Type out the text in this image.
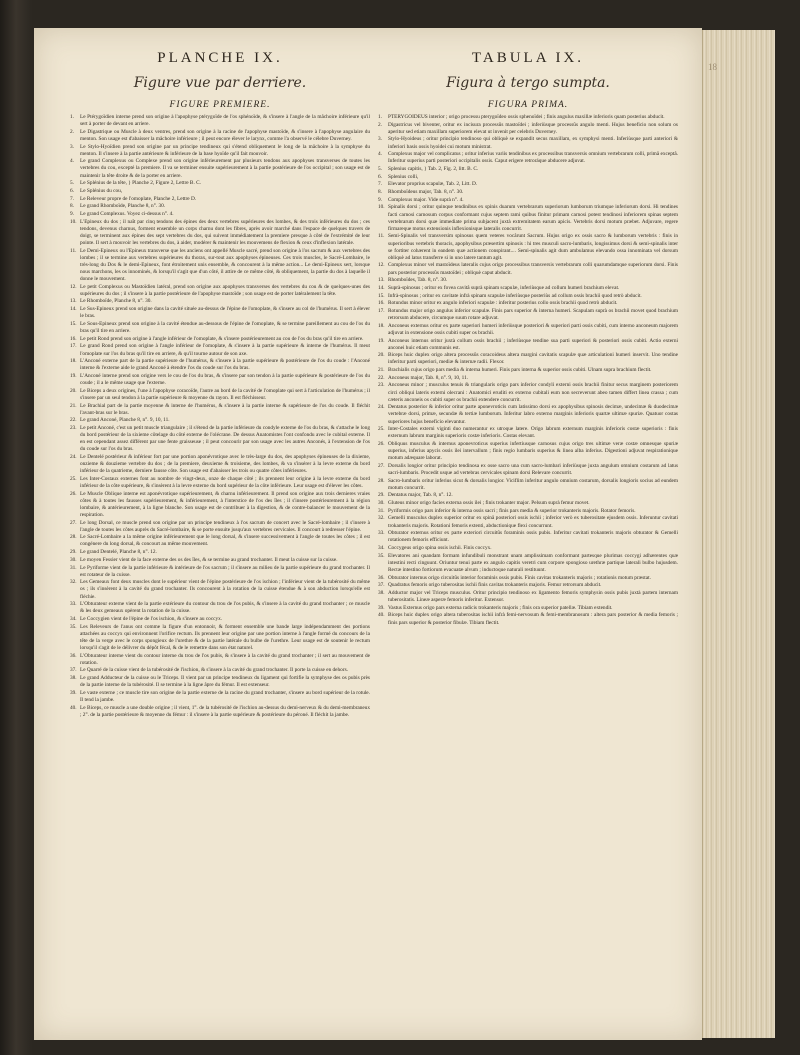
18
PLANCHE IX.
Figure vue par derriere.
FIGURE PREMIERE.
1. Le Ptérygoïdien interne prend son origine à l'apophyse ptérygoïde de l'os sphénoïde, & s'insere à l'angle de la mâchoire inférieure qu'il sert à porter de devant en arriere.
2. Le Digastrique ou Muscle à deux ventres, prend son origine à la racine de l'apophyse mastoïde, & s'insere à l'apophyse angulaire du menton. Son usage est d'abaisser la mâchoire inférieure ; il peut encore élever le larynx, comme l'a observé le célebre Duverney.
3. Le Stylo-Hyoïdien prend son origine par un principe tendineux qui s'étend obliquement le long de la mâchoire à la symphyse du menton. Il s'insere à la partie antérieure & inférieure de la base hyoïde qu'il fait mouvoir.
4. Le grand Complexus ou Complexe prend son origine inférieurement par plusieurs tendons aux apophyses transverses de toutes les vertebres du cou, excepté la premiere. Il va se terminer ensuite supérieurement à la partie postérieure de l'os occipital ; son usage est de maintenir la tête droite & de la porter en arriere.
5. Le Splénius de la tête, } Planche 2, Figure 2, Lettre B. C.
6. Le Splénius du cou,
7. Le Releveur propre de l'omoplate, Planche 2, Lettre D.
8. Le grand Rhomboïde, Planche 8, n°. 30.
9. Le grand Complexus. Voyez ci-dessus n°. 4.
10. L'Epineux du dos ; il naît par cinq tendons des épines des deux vertebres supérieures des lombes, & des trois inférieures du dos ; ces tendons, devenus charnus, forment ensemble un corps charnu dont les fibres, après avoir marché dans l'espace de quelques travers de doigt, se terminent aux épines des sept vertebres du dos, qui suivent immédiatement la premiere presque à côté de l'extrémité de leur pointe. Il sert à mouvoir les vertebres du dos, à aider, modérer & maintenir les mouvemens de flexion & ceux d'inflexion latérale.
11. Le Demi-Epineux ou l'Epineux transverse que les anciens ont appellé Muscle sacré, prend son origine à l'os sacrum & aux vertebres des lombes ; il se termine aux vertebres supérieures du thorax, sur-tout aux apophyses épineuses. Ces trois muscles, le Sacré-Lombaire, le très-long du Dos & le demi-Epineux, font étroitement unis ensemble, & concourent à la même action... Le demi-Epineux sert, lorsque nous marchons, les os innominés, & lorsqu'il s'agit que d'un côté, il attire de ce même côté, & obliquement, la partie du dos à laquelle il donne le mouvement.
12. Le petit Complexus ou Mastoïdien latéral, prend son origine aux apophyses transverses des vertebres du cou & de quelques-unes des supérieures du dos ; il s'insere à la partie postérieure de l'apophyse mastoïde ; son usage est de porter latéralement la tête.
13. Le Rhomboïde, Planche 8, n°. 30.
14. Le Sus-Epineux prend son origine dans la cavité située au-dessus de l'épine de l'omoplate, & s'insere au col de l'humérus. Il sert à élever le bras.
15. Le Sous-Epineux prend son origine à la cavité étendue au-dessous de l'épine de l'omoplate, & se termine pareillement au cou de l'os du bras qu'il tire en arriere.
16. Le petit Rond prend son origine à l'angle inférieur de l'omoplate, & s'insere postérieurement au cou de l'os du bras qu'il tire en arriere.
17. Le grand Rond prend son origine à l'angle inférieur de l'omoplate, & s'insere à la partie supérieure & interne de l'humérus. Il meut l'omoplate sur l'os du bras qu'il tire en arriere, & qu'il tourne autour de son axe.
18. L'Anconé externe part de la partie supérieure de l'humérus, & s'insere à la partie supérieure & postérieure de l'os du coude : l'Anconé interne & l'externe aide le grand Anconé à étendre l'os du coude sur l'os du bras.
19. L'Anconé interne prend son origine vers le cou de l'os du bras, & s'insere par son tendon à la partie supérieure & postérieure de l'os du coude ; il a le même usage que l'externe.
20. Le Biceps a deux origines, l'une à l'apophyse coracoïde, l'autre au bord de la cavité de l'omoplate qui sert à l'articulation de l'humérus ; il s'insere par un seul tendon à la partie supérieure & moyenne du rayon. Il est fléchisseur.
21. Le Brachial part de la partie moyenne & interne de l'humérus, & s'insere à la partie interne & supérieure de l'os du coude. Il fléchit l'avant-bras sur le bras.
22. Le grand Anconé, Planche 8, n°. 9, 10, 11.
23. Le petit Anconé, c'est un petit muscle triangulaire ; il s'étend de la partie inférieure du condyle externe de l'os du bras, & s'attache le long du bord postérieur de la sixieme côtelage du côté externe de l'olécrane. De dessus Anatomistes l'ont confondu avec le cubital externe. Il en est cependant assez différent par une fente graisseuse ; il peut concourir par son usage avec les autres Anconés, à l'extension de l'os du coude sur l'os du bras.
24. Le Dentelé postérieur & inférieur fort par une portion aponévrotique avec le très-large du dos, des apophyses épineuses de la dixieme, onzieme & douzieme vertebre du dos ; de la premiere, deuxieme & troisieme, des lombes, & va s'insérer à la levre externe du bord inférieur de la quatrieme, derniere fausse côte. Son usage est d'abaisser les trois ou quatre côtes inférieures.
25. Les Inter-Costaux externes font au nombre de vingt-deux, onze de chaque côté ; ils prennent leur origine à la levre externe du bord inférieur de la côte supérieure, & s'insèrent à la levre externe du bord supérieur de la côte inférieure. Leur usage est d'élever les côtes.
26. Le Muscle Oblique interne est aponévrotique supérieurement, & charnu inférieurement. Il prend son origine aux trois dernieres vraies côtes & à toutes les fausses supérieurement, & inférieurement, à l'interstice de l'os des îles ; il s'insere postérieurement à la région lombaire, & antérieurement, à la ligne blanche. Son usage est de contribuer à la digestion, & de contre-balancer le mouvement de la respiration.
27. Le long Dorsal, ce muscle prend son origine par un principe tendineux à l'os sacrum de concert avec le Sacré-lombaire ; il s'insere à l'angle de toutes les côtes auprès du Sacré-lombaire, & se porte ensuite jusqu'aux vertebres cervicales. Il concourt à redresser l'épine.
28. Le Sacré-Lombaire a la même origine inférieurement que le long dorsal, & s'insere successivement à l'angle de toutes les côtes ; il est congénere du long dorsal, & concourt au même mouvement.
29. Le grand Dentelé, Planche 8, n°. 12.
30. Le moyen Fessier vient de la face externe des os des îles, & se termine au grand trochanter. Il meut la cuisse sur la cuisse.
31. Le Pyriforme vient de la partie inférieure & intérieure de l'os sacrum ; il s'insere au milieu de la partie supérieure du grand trochanter. Il est rotateur de la cuisse.
32. Les Gemeaux font deux muscles dont le supérieur vient de l'épine postérieure de l'os ischion ; l'inférieur vient de la tubérosité du même os ; ils s'insèrent à la cavité du grand trochanter. Ils concourent à la rotation de la cuisse étendue & à son abduction lorsqu'elle est fléchie.
33. L'Obturateur externe vient de la partie extérieure du contour du trou de l'os pubis, & s'insere à la cavité du grand trochanter ; ce muscle & les deux gemeaux opèrent la rotation de la cuisse.
34. Le Coccygien vient de l'épine de l'os ischion, & s'insere au coccyx.
35. Les Releveurs de l'anus ont comme la figure d'un entonnoir, & forment ensemble une bande large indépendamment des portions attachées au coccyx qui environnent l'orifice rectum. Ils prennent leur origine par une portion interne à l'angle formé du concours de la tête de la verge avec le corps spongieux de l'urethre & de la partie latérale du bulbe de l'urethre. Leur usage est de soutenir le rectum lorsqu'il s'agit de le délivrer du dépôt fécal, & de le remettre dans son état naturel.
36. L'Obturateur interne vient du contour interne du trou de l'os pubis, & s'insere à la cavité du grand trochanter ; il sert au mouvement de rotation.
37. Le Quarré de la cuisse vient de la tubérosité de l'ischion, & s'insere à la cavité du grand trochanter. Il porte la cuisse en dehors.
38. Le grand Adducteur de la cuisse ou le Triceps. Il vient par un principe tendineux du ligament qui fortifie la symphyse des os pubis près de la partie interne de la tubérosité. Il se termine à la ligne âpre du fémur. Il est extenseur.
39. Le vaste externe ; ce muscle tire son origine de la partie externe de la racine du grand trochanter, s'insere au bord supérieur de la rotule. Il tend la jambe.
40. Le Biceps, ce muscle a une double origine ; il vient, 1°. de la tubérosité de l'ischion au-dessus du demi-nerveux & du demi-membraneux ; 2°. de la partie postérieure & moyenne du fémur : il s'insere à la partie supérieure & postérieure du péroné. Il fléchit la jambe.
TABULA IX.
Figura à tergo sumpta.
FIGURA PRIMA.
1. PTERYGOÏDEUS interior ; origo processu pterygoïdeo ossis sphenoïdei ; finis angulus maxillæ inferioris quam posterius abducit.
2. Digastricus vel biventer, oritur ex incisura processûs mastoïdei ; inferiùsque processûs angulo menti. Hujus beneficio non solum os aperitur sed etiam maxillam superiorem elevat ut invenit per celebris Duverney.
3. Stylo-Hyoideus ; oritur principio tendinoso qui obliquè se expandit secus maxillam, ex symphysi menti. Inferiùsque parti anteriori & inferiori basis ossis hyoidei cui motum ministrat.
4. Complexus major vel complicatus ; oritur inferius variis tendinibus ex processibus transversis omnium vertebrarum colli, primâ exceptâ. Inferitur superius parti posteriori occipitalis ossis. Caput erigere retroráque abducere adjuvat.
5. Splenius capitis, } Tab. 2, Fig. 2, litt. B. C.
6. Splenius colli,
7. Elevator proprius scapulæ, Tab. 2, Litt. D.
8. Rhomboïdeus major, Tab. 8, n°. 30.
9. Complexus major. Vide suprà n°. 4.
10. Spinalis dorsi ; oritur quinque tendinibus ex spinis duarum vertebrarum superiorum lumborum triumque inferiorum dorsi. Hi tendines facti carnosi carnosum corpus conformant cujus septem rami quibus finitur primam carnosi potest tendinosi inferiorem spinas septem vertebrarum dorsi quæ immediate prima subjacent juxtà extremitatem earum apicis. Vertebris dorsi motum præbet. Adjuvare, regere firmareque motus extensionis inflexionisque lateralis concurrit.
11. Semi-Spinalis vel transversim spinosus quem veteres vocârunt Sacrum. Hujus origo ex ossis sacro & lumborum vertebris : finis in superioribus vertebris thoracis, apophysibus præsertim spinosis : hi tres musculi sacro-lumbaris, longissimus dorsi & semi-spinalis inter se fortiter cohærent in eandem quæ actionem conspirant.... Semi-spinalis agit dum ambulamus elevando ossa innominata vel dorsum obliquè ad latus transferre si in uno latere tantum agit.
12. Complexus minor vel mastoïdeus lateralis cujus origo processibus transversis vertebrarum colli quarumdamque superiorum dorsi. Finis pars posterior processûs mastoïdei ; obliquè caput abducit.
13. Rhomboïdes, Tab. 8, n°. 30.
14. Suprà-spinosus ; oritur ex fovea cavitâ suprà spinam scapulæ, inferiùsque ad collum humeri brachium elevat.
15. Infrà-spinosus ; oritur ex cavitate infrà spinam scapulæ inferiùsque posteriùs ad collum ossis brachii quod retrò abducit.
16. Rotundus minor oritur ex angulo inferiori scapulæ : inferitur posterius collo ossis brachii quod retrò abducit.
17. Rotundus major origo angulus inferior scapulæ. Finis pars superior & interna humeri. Scapulam suprà os brachii movet quod brachium retrorsum abducere, circumque suum rotare adjuvat.
18. Anconeus externus oritur ex parte superiori humeri inferiùsque posteriori & superiori parti ossis cubiti, cum interno anconeum majorem adjuvat in extensione ossis cubiti super os brachii.
19. Anconeus internus oritur juxtà collum ossis brachii ; inferiùsque tendine sua parti superiori & posteriori ossis cubiti. Actio externi anconei huic etiam communis est.
20. Biceps huic duplex origo altera processûs coracoideus altera margini cavitatis scapulæ quæ articulationi humeri inservit. Uno tendine inferitur parti superiori, mediæ & internæ radii. Flexor.
21. Brachialis cujus origo pars media & interna humeri. Finis pars interna & superior ossis cubiti. Ulnam supra brachium flectit.
22. Anconeus major, Tab. 8, n°. 9, 10, 11.
23. Anconeus minor ; musculus tenuis & triangularis origo pars inferior condyli externi ossis brachii finitur secus marginem posteriorem circi obliqui lateris externi olecrani : Anatomici eruditi ex externo cubitali eum non secreverunt abeo tamen differt linea crassa ; cum cæteris anconeis os cubiti super os brachii extendere concurrit.
24. Dentatus posterior & inferior oritur parte aponevroticis cum latissimo dorsi ex apophysibus spinosis decimæ, undecimæ & duodecimæ vertebræ dorsi, primæ, secundæ & tertiæ lumborum. Inferitur labro externo marginis inferioris quartæ ultimæ spuriæ. Quatuor costas superiores hujus beneficio elevantur.
25. Inter-Costales externi viginti duo numerantur ex utroque latere. Origo labrum externum marginis inferioris costæ superioris : finis externum labrum marginis superioris costæ inferioris. Costas elevant.
26. Obliquus musculus & internus aponevroticus superius infertiusque carnosus cujus origo tres ultimæ veræ costæ omnesque spuriæ superius, inferius apycis ossis ilei intervallum ; finis regio lumbaris superius & linea alba inferius. Digestioni adjuvat respirationique motum adæquare laborat.
27. Dorsalis longior oritur principio tendinosa ex osse sacro una cum sacro-lumbari inferiùsque juxta angulum omnium costarum ad latus sacri-lumbaris. Procedit usque ad vertebras cervicales spinam dorsi Relevare concurrit.
28. Sacro-lumbaris oritur inferius sicut & dorsalis longior. Viciflim inferitur angulo omnium costarum, dorsalis longioris socius ad eundem motum concurrit.
29. Dentatus major, Tab. 8, n°. 12.
30. Gluteus minor origo facies externa ossis ilei ; finis trokanter major. Pelsum suprà femur movet.
31. Pyriformis origo pars inferior & interna ossis sacri ; finis pars media & superior trokanteris majoris. Rotator femoris.
32. Gemelli musculus duplex superior oritur ex spinâ posteriori ossis ischii ; inferior verò ex tuberositate ejusdem ossis. Inferuntur cavitati trokanteris majoris. Rotationi femoris extenti, abductionique flexi concurrunt.
33. Obturator externus oritur ex parte exteriori circuitûs foraminis ossis pubis. Inferitur cavitati trokanteris majoris obturator & Gemelli rotationem femoris efficiunt.
34. Coccygeus origo spina ossis ischii. Finis coccyx.
35. Elevatores ani quandam formam infundibuli monstrant unam amplissimam conformant partesque plurimas coccygi adhærentes quæ intestini recti cinguunt. Oriuntur tenui parte ex angulo capitis veretri cum corpore spongioso urethræ partique laterali bulbo hujusdem. Rectæ intestino fortiorum evacuatæ alvum ; inductoque naturali restituunt.
36. Obturator internus origo circuitûs interior foraminis ossis pubis. Finis cavitas trokanteris majoris ; rotationis motum præstat.
37. Quadratus femoris origo tuberositas ischii finis cavitas trokanteris majoris. Femur retrorsum abducit.
38. Adductor major vel Triceps musculus. Oritur principio tendinoso ex ligamento femoris symphysin ossis pubis juxtà partem internam tuberositatis. Lineæ asperæ femoris inferitur. Extensor.
39. Vastus Externus origo pars externa radicis trokanteris majoris ; finis ora superior patellæ. Tibiam extendit.
40. Biceps huic duplex origo altera tuberositas ischii infrà femi-nervosum & femi-membranosum : altera pars posterior & media femoris ; finis pars superior & posterior fibulæ. Tibiam flectit.
